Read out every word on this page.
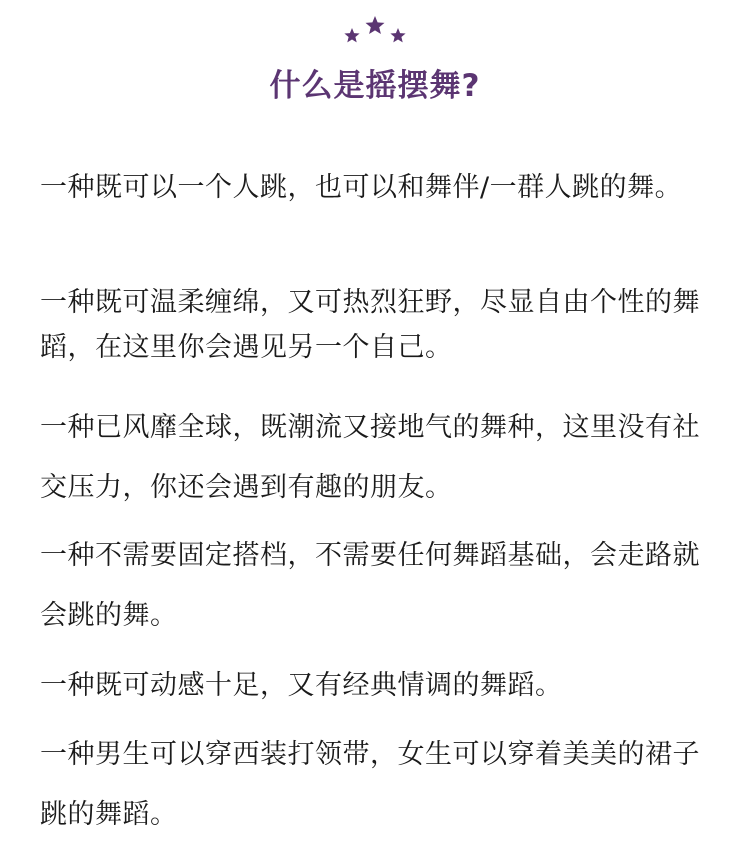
什么是摇摆舞?

一种既可以一个人跳，也可以和舞伴/一群人跳的舞。

一种既可温柔缠绵，又可热烈狂野，尽显自由个性的舞蹈，在这里你会遇见另一个自己。

一种已风靡全球，既潮流又接地气的舞种，这里没有社交压力，你还会遇到有趣的朋友。

一种不需要固定搭档，不需要任何舞蹈基础，会走路就会跳的舞。

一种既可动感十足，又有经典情调的舞蹈。

一种男生可以穿西装打领带，女生可以穿着美美的裙子跳的舞蹈。
